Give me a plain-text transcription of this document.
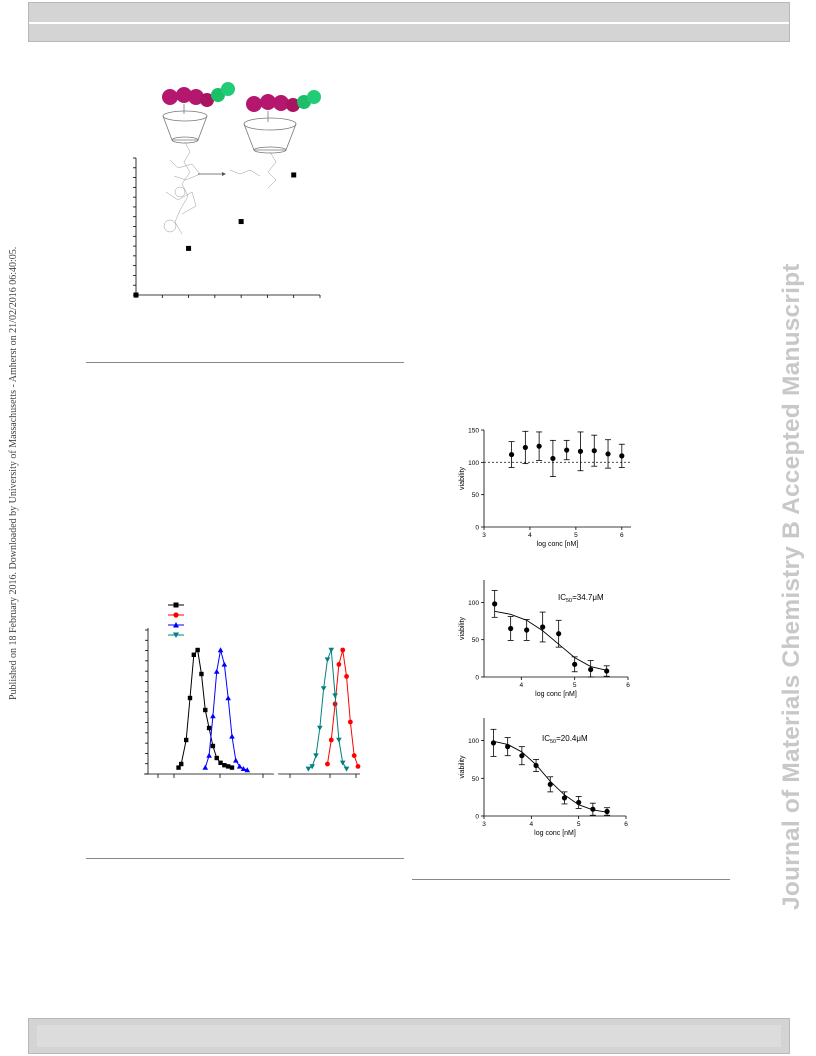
Published on 18 February 2016. Downloaded by University of Massachusetts - Amherst on 21/02/2016 06:40:05.	Journal of Materials Chemistry B Accepted Manuscript
0
50
100
150
3	4	5	6
log conc [nM]
viability
0
50
100
4	5	6
log conc [nM]
viability
$IC_{50}=34.7\mu M$
0
50
100
3	4	5	6
log conc [nM]
viability
$IC_{50}=20.4\mu M$
